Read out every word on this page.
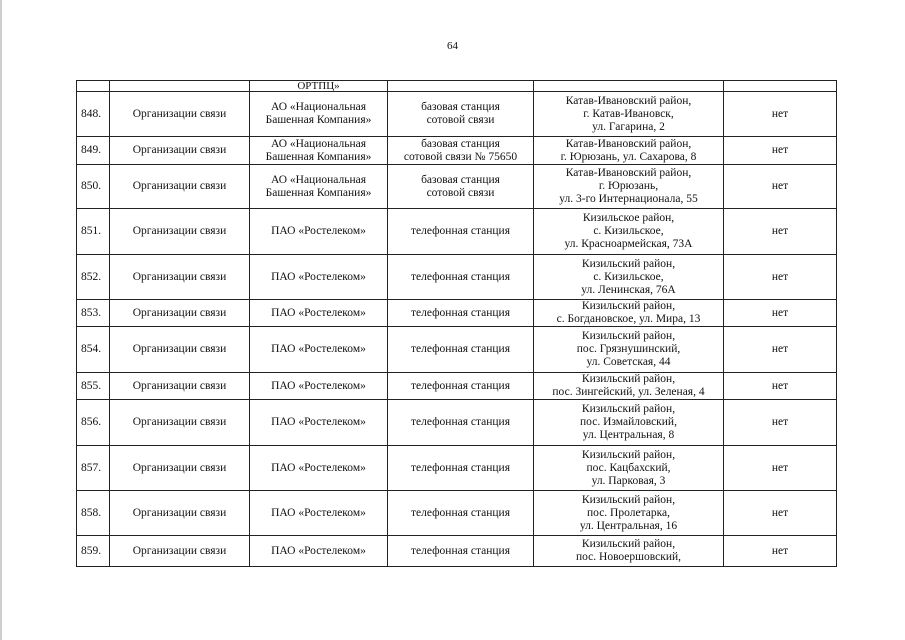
64
		ОРТПЦ»			
848.	Организации связи	АО «Национальная
Башенная Компания»	базовая станция
сотовой связи	Катав-Ивановский район,
г. Катав-Ивановск,
ул. Гагарина, 2	нет
849.	Организации связи	АО «Национальная
Башенная Компания»	базовая станция
сотовой связи № 75650	Катав-Ивановский район,
г. Юрюзань, ул. Сахарова, 8	нет
850.	Организации связи	АО «Национальная
Башенная Компания»	базовая станция
сотовой связи	Катав-Ивановский район,
г. Юрюзань,
ул. 3-го Интернационала, 55	нет
851.	Организации связи	ПАО «Ростелеком»	телефонная станция	Кизильское район,
с. Кизильское,
ул. Красноармейская, 73А	нет
852.	Организации связи	ПАО «Ростелеком»	телефонная станция	Кизильский район,
с. Кизильское,
ул. Ленинская, 76А	нет
853.	Организации связи	ПАО «Ростелеком»	телефонная станция	Кизильский район,
с. Богдановское, ул. Мира, 13	нет
854.	Организации связи	ПАО «Ростелеком»	телефонная станция	Кизильский район,
пос. Грязнушинский,
ул. Советская, 44	нет
855.	Организации связи	ПАО «Ростелеком»	телефонная станция	Кизильский район,
пос. Зингейский, ул. Зеленая, 4	нет
856.	Организации связи	ПАО «Ростелеком»	телефонная станция	Кизильский район,
пос. Измайловский,
ул. Центральная, 8	нет
857.	Организации связи	ПАО «Ростелеком»	телефонная станция	Кизильский район,
пос. Кацбахский,
ул. Парковая, 3	нет
858.	Организации связи	ПАО «Ростелеком»	телефонная станция	Кизильский район,
пос. Пролетарка,
ул. Центральная, 16	нет
859.	Организации связи	ПАО «Ростелеком»	телефонная станция	Кизильский район,
пос. Новоершовский,	нет
